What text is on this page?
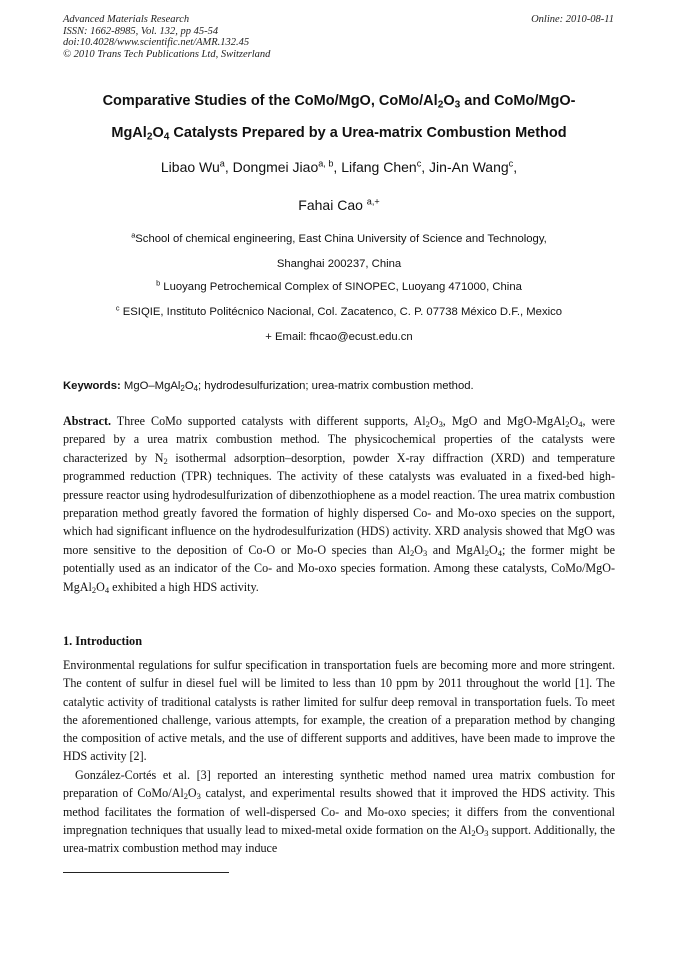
Advanced Materials Research
ISSN: 1662-8985, Vol. 132, pp 45-54
doi:10.4028/www.scientific.net/AMR.132.45
© 2010 Trans Tech Publications Ltd, Switzerland
Online: 2010-08-11
Comparative Studies of the CoMo/MgO, CoMo/$Al_2O_3$ and CoMo/MgO-
$MgAl_2O_4$ Catalysts Prepared by a Urea-matrix Combustion Method
Libao Wu$^a$, Dongmei Jiao$^{a, b}$, Lifang Chen$^c$, Jin-An Wang$^c$,
Fahai Cao $^{a,+}$
$^a$School of chemical engineering, East China University of Science and Technology,
Shanghai 200237, China
$^b$ Luoyang Petrochemical Complex of SINOPEC, Luoyang 471000, China
$^c$ ESIQIE, Instituto Politécnico Nacional, Col. Zacatenco, C. P. 07738 México D.F., Mexico
+ Email: fhcao@ecust.edu.cn
Keywords: MgO–$MgAl_2O_4$; hydrodesulfurization; urea-matrix combustion method.
Abstract. Three CoMo supported catalysts with different supports, $Al_2O_3$, MgO and MgO-$MgAl_2O_4$, were prepared by a urea matrix combustion method. The physicochemical properties of the catalysts were characterized by $N_2$ isothermal adsorption–desorption, powder X-ray diffraction (XRD) and temperature programmed reduction (TPR) techniques. The activity of these catalysts was evaluated in a fixed-bed high-pressure reactor using hydrodesulfurization of dibenzothiophene as a model reaction. The urea matrix combustion preparation method greatly favored the formation of highly dispersed Co- and Mo-oxo species on the support, which had significant influence on the hydrodesulfurization (HDS) activity. XRD analysis showed that MgO was more sensitive to the deposition of Co-O or Mo-O species than $Al_2O_3$ and $MgAl_2O_4$; the former might be potentially used as an indicator of the Co- and Mo-oxo species formation. Among these catalysts, CoMo/$MgO-MgAl_2O_4$ exhibited a high HDS activity.
1. Introduction

Environmental regulations for sulfur specification in transportation fuels are becoming more and more stringent. The content of sulfur in diesel fuel will be limited to less than 10 ppm by 2011 throughout the world [1]. The catalytic activity of traditional catalysts is rather limited for sulfur deep removal in transportation fuels. To meet the aforementioned challenge, various attempts, for example, the creation of a preparation method by changing the composition of active metals, and the use of different supports and additives, have been made to improve the HDS activity [2].

González-Cortés et al. [3] reported an interesting synthetic method named urea matrix combustion for preparation of CoMo/$Al_2O_3$ catalyst, and experimental results showed that it improved the HDS activity. This method facilitates the formation of well-dispersed Co- and Mo-oxo species; it differs from the conventional impregnation techniques that usually lead to mixed-metal oxide formation on the $Al_2O_3$ support. Additionally, the urea-matrix combustion method may induce
